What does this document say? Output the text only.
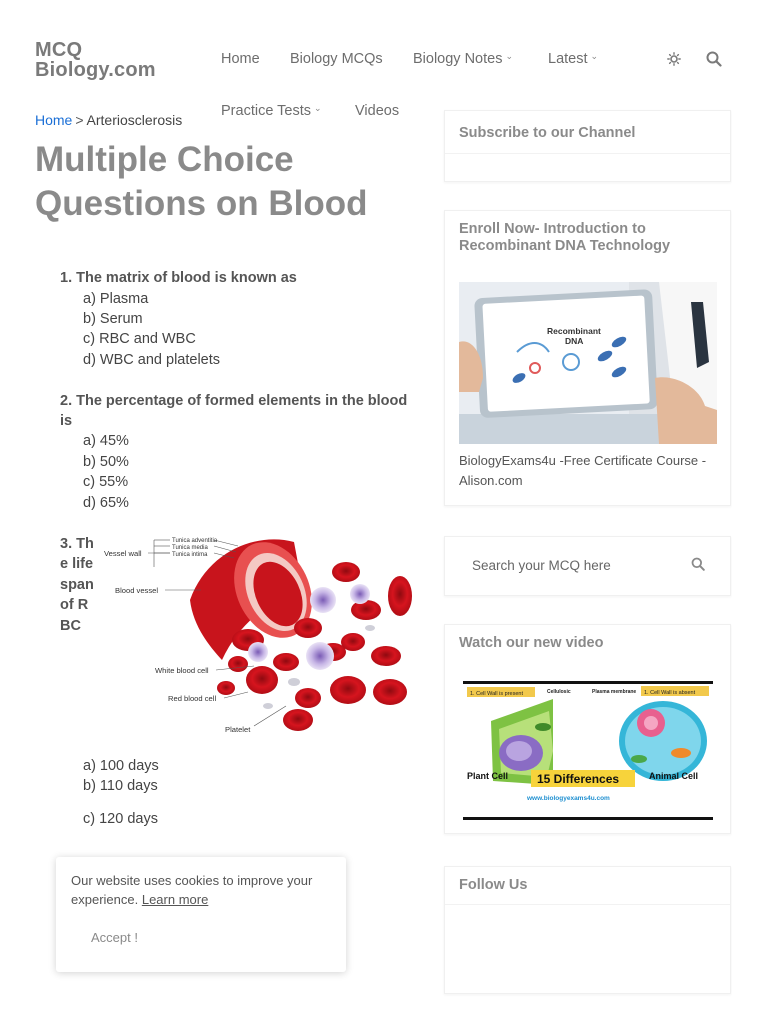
MCQ
Biology.com	Home Biology MCQs Biology Notes ⌄ Latest ⌄
Practice Tests ⌄ Videos
Home > Arteriosclerosis
Multiple Choice Questions on Blood
1. The matrix of blood is known as
a) Plasma
b) Serum
c) RBC and WBC
d) WBC and platelets
2. The percentage of formed elements in the blood
is
a) 45%
b) 50%
c) 55%
d) 65%
3. The life span of RBC
Vessel wall
Tunica adventitia
Tunica media
Tunica intima
Blood vessel
White blood cell
Red blood cell
Platelet
a) 100 days
b) 110 days
c) 120 days
Our website uses cookies to improve your experience. Learn more
Accept !
Subscribe to our Channel
Enroll Now- Introduction to Recombinant DNA Technology
Recombinant
DNA
BiologyExams4u -Free Certificate Course -Alison.com
Search your MCQ here
Watch our new video
1. Cell Wall is present	Cellulosic	Plasma membrane 1. Cell Wall is absent
Plant Cell	Animal Cell
15 Differences
www.biologyexams4u.com
Follow Us
